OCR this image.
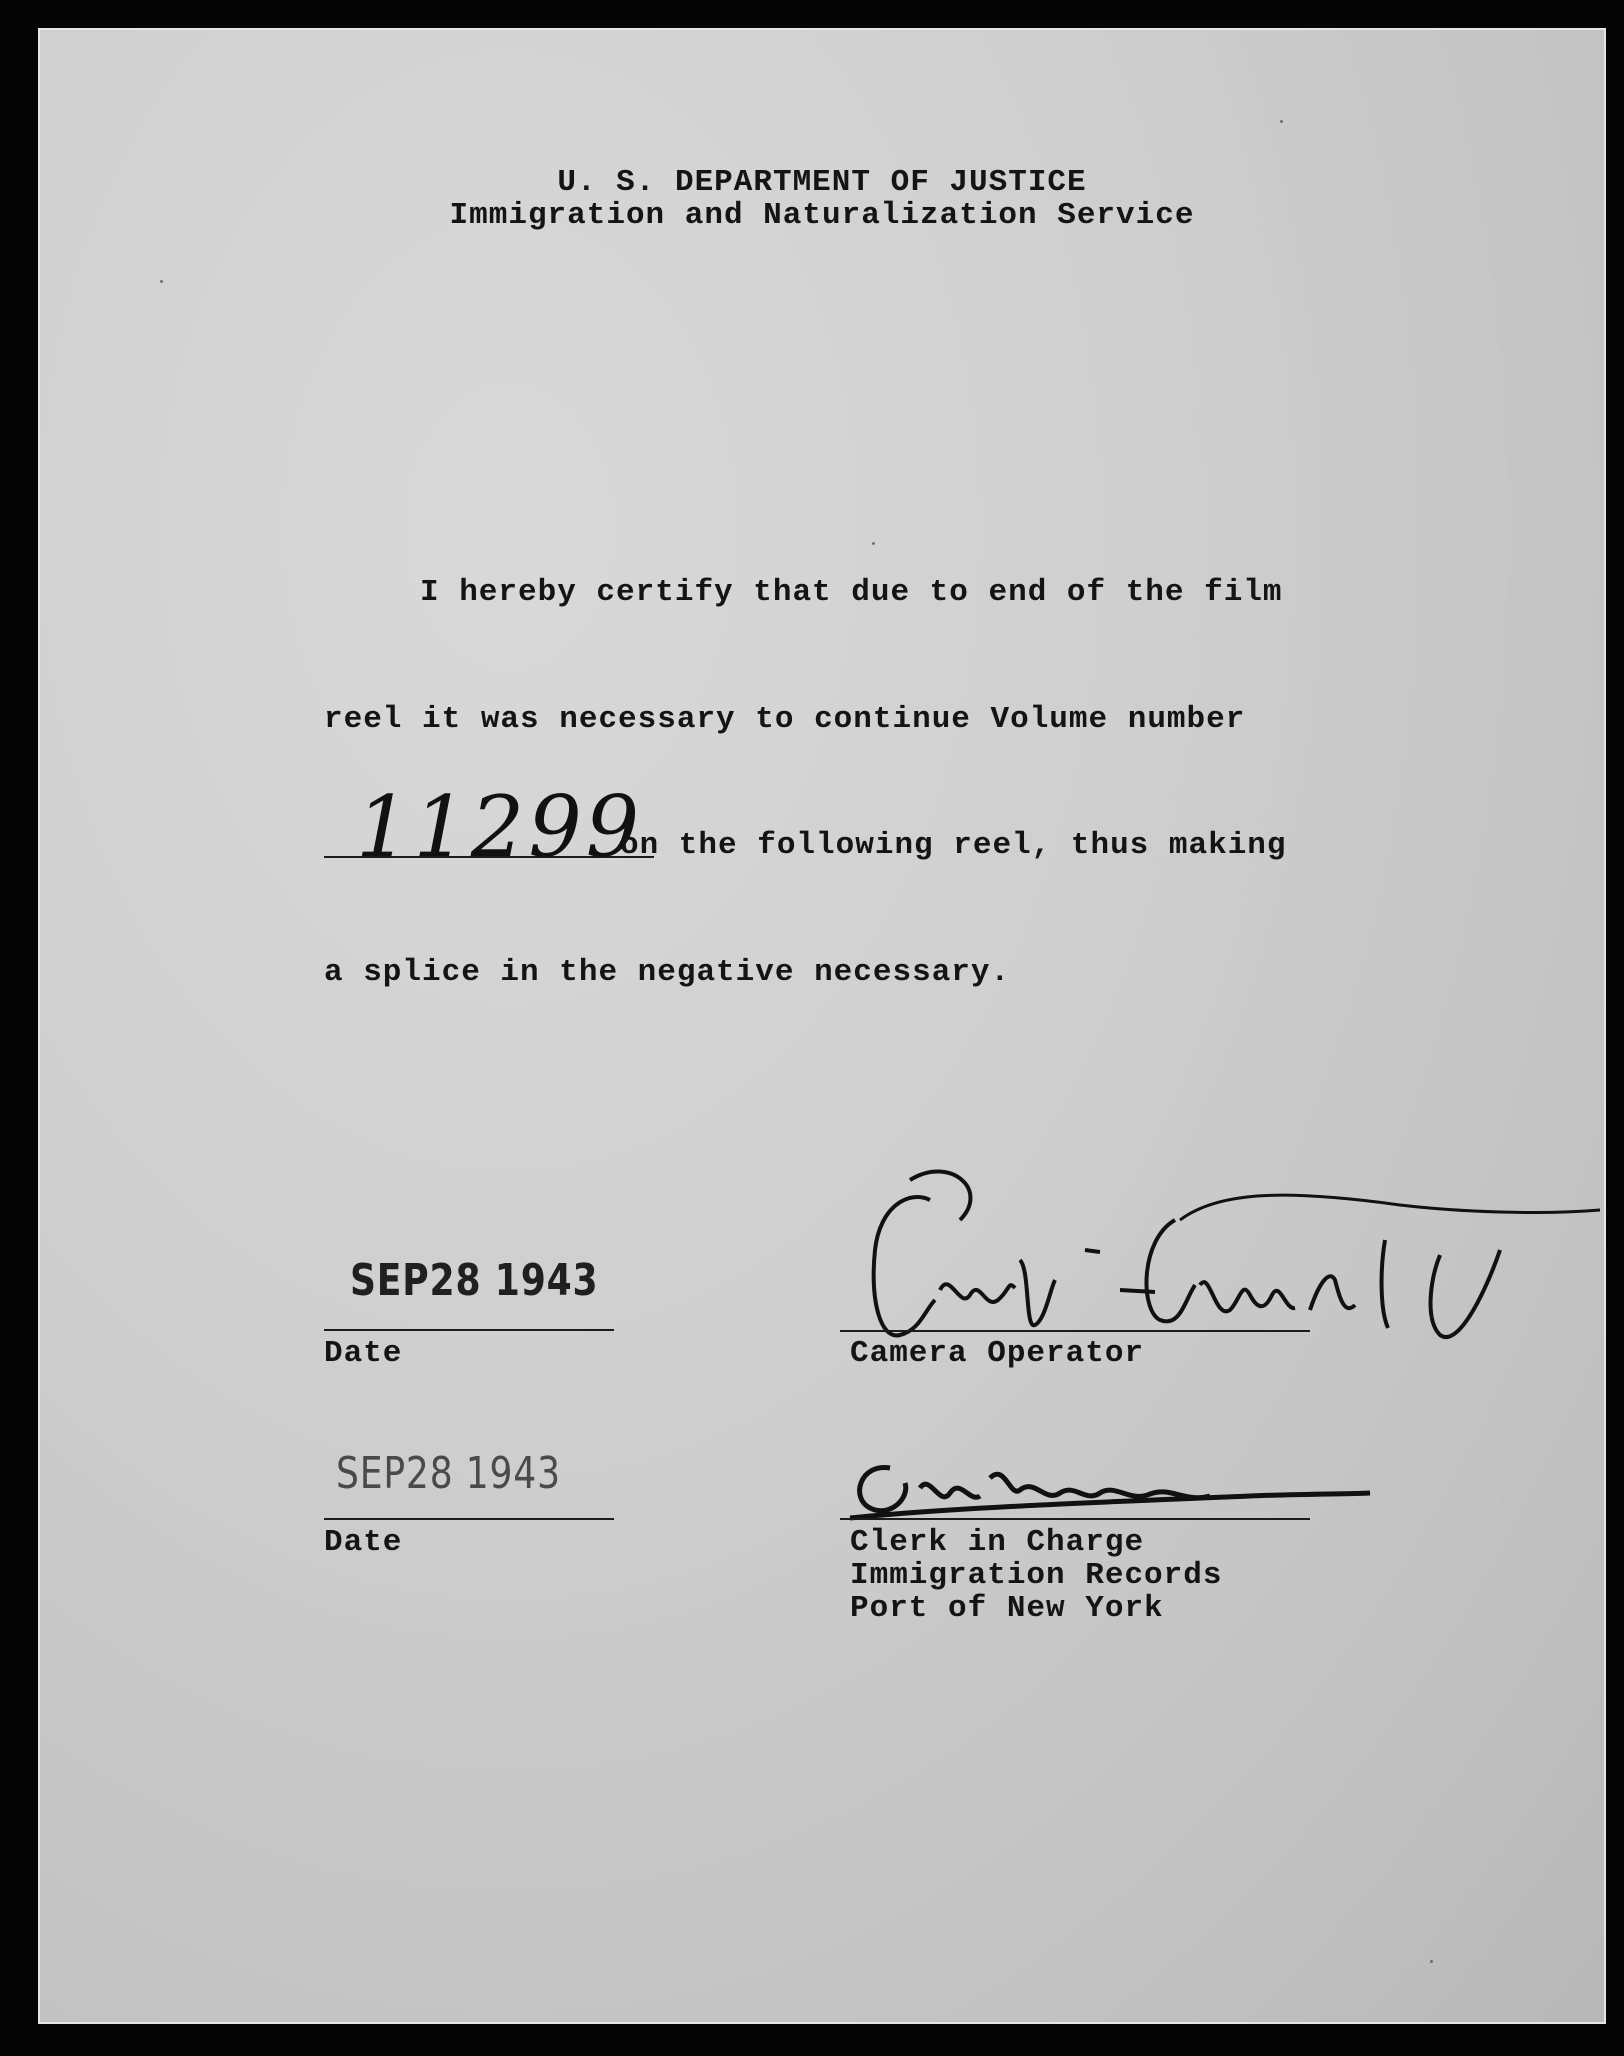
U. S. DEPARTMENT OF JUSTICE
Immigration and Naturalization Service
I hereby certify that due to end of the film
reel it was necessary to continue Volume number
11299
on the following reel, thus making
a splice in the negative necessary.
SEP28 1943
Date	Camera Operator
SEP28 1943
Date	Clerk in Charge
Immigration Records
Port of New York
